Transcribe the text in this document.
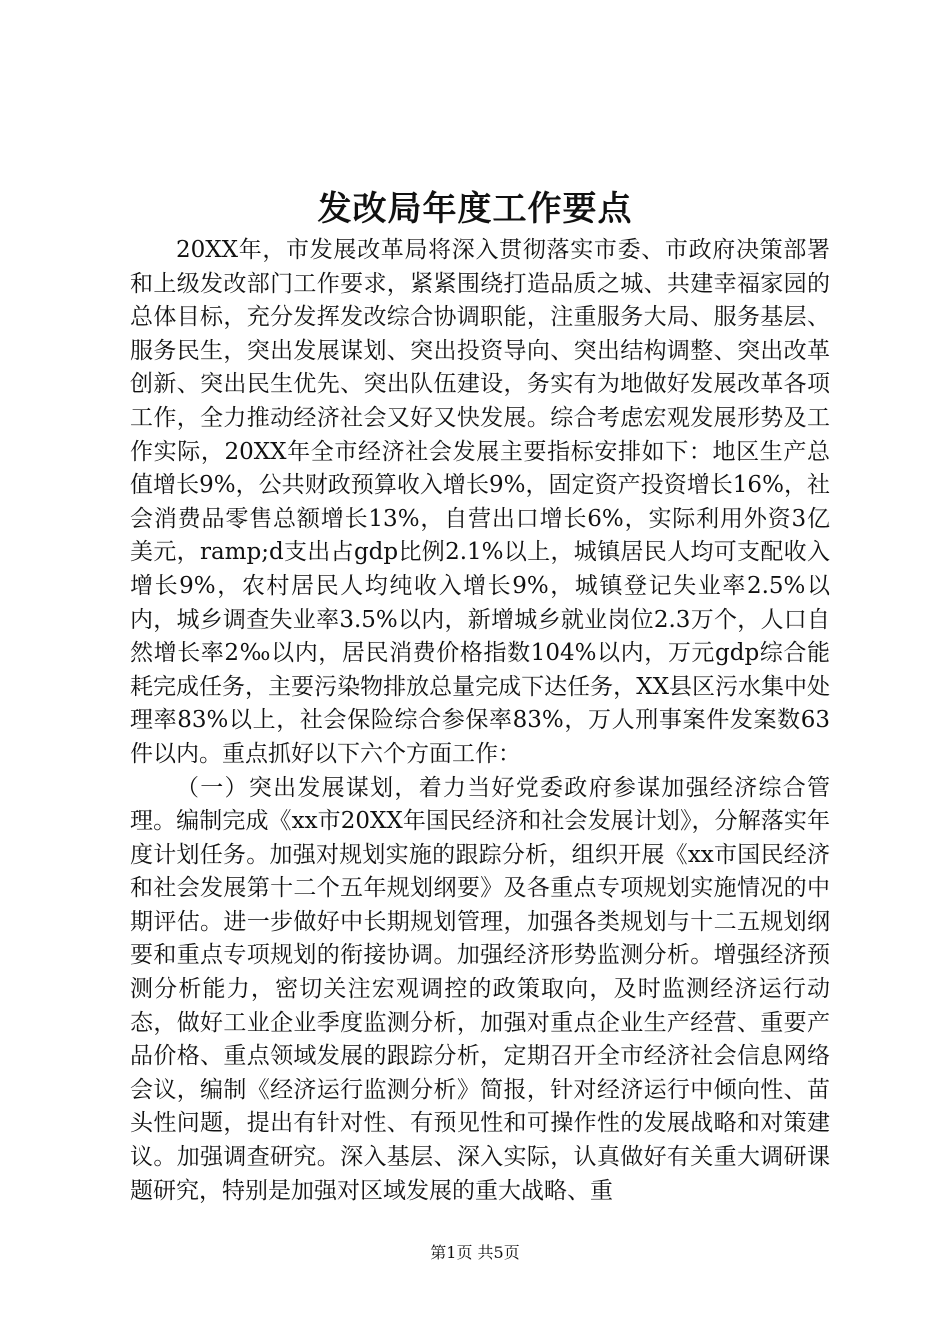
发改局年度工作要点

20XX年，市发展改革局将深入贯彻落实市委、市政府决策部署和上级发改部门工作要求，紧紧围绕打造品质之城、共建幸福家园的总体目标，充分发挥发改综合协调职能，注重服务大局、服务基层、服务民生，突出发展谋划、突出投资导向、突出结构调整、突出改革创新、突出民生优先、突出队伍建设，务实有为地做好发展改革各项工作，全力推动经济社会又好又快发展。综合考虑宏观发展形势及工作实际，20XX年全市经济社会发展主要指标安排如下：地区生产总值增长9%，公共财政预算收入增长9%，固定资产投资增长16%，社会消费品零售总额增长13%，自营出口增长6%，实际利用外资3亿美元，ramp;d支出占gdp比例2.1%以上，城镇居民人均可支配收入增长9%，农村居民人均纯收入增长9%，城镇登记失业率2.5%以内，城乡调查失业率3.5%以内，新增城乡就业岗位2.3万个，人口自然增长率2‰以内，居民消费价格指数104%以内，万元gdp综合能耗完成任务，主要污染物排放总量完成下达任务，XX县区污水集中处理率83%以上，社会保险综合参保率83%，万人刑事案件发案数63件以内。重点抓好以下六个方面工作：

（一）突出发展谋划，着力当好党委政府参谋加强经济综合管理。编制完成《xx市20XX年国民经济和社会发展计划》，分解落实年度计划任务。加强对规划实施的跟踪分析，组织开展《xx市国民经济和社会发展第十二个五年规划纲要》及各重点专项规划实施情况的中期评估。进一步做好中长期规划管理，加强各类规划与十二五规划纲要和重点专项规划的衔接协调。加强经济形势监测分析。增强经济预测分析能力，密切关注宏观调控的政策取向，及时监测经济运行动态，做好工业企业季度监测分析，加强对重点企业生产经营、重要产品价格、重点领域发展的跟踪分析，定期召开全市经济社会信息网络会议，编制《经济运行监测分析》简报，针对经济运行中倾向性、苗头性问题，提出有针对性、有预见性和可操作性的发展战略和对策建议。加强调查研究。深入基层、深入实际，认真做好有关重大调研课题研究，特别是加强对区域发展的重大战略、重

第1页 共5页
